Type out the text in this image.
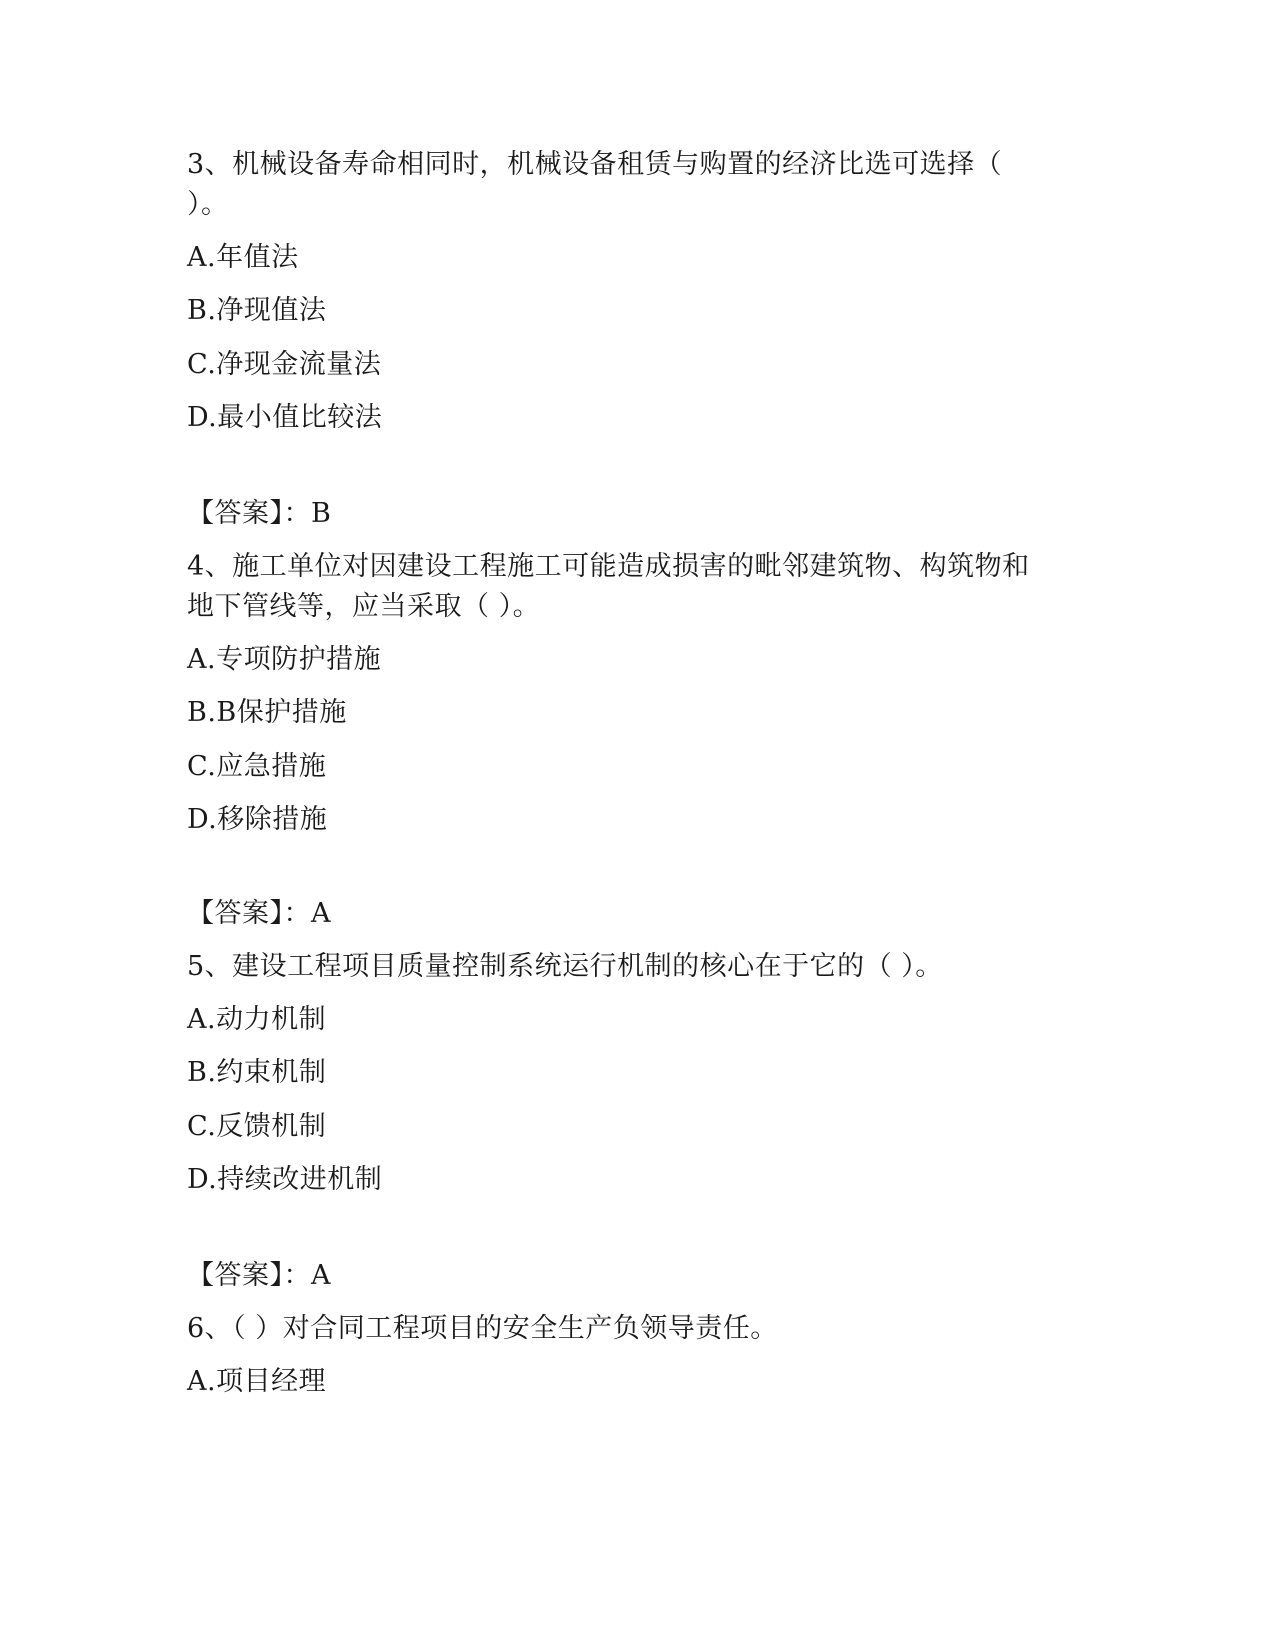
3、机械设备寿命相同时，机械设备租赁与购置的经济比选可选择（
）。
A.年值法
B.净现值法
C.净现金流量法
D.最小值比较法
【答案】：B
4、施工单位对因建设工程施工可能造成损害的毗邻建筑物、构筑物和
地下管线等，应当采取（ ）。
A.专项防护措施
B.B保护措施
C.应急措施
D.移除措施
【答案】：A
5、建设工程项目质量控制系统运行机制的核心在于它的（ ）。
A.动力机制
B.约束机制
C.反馈机制
D.持续改进机制
【答案】：A
6、（ ）对合同工程项目的安全生产负领导责任。
A.项目经理
